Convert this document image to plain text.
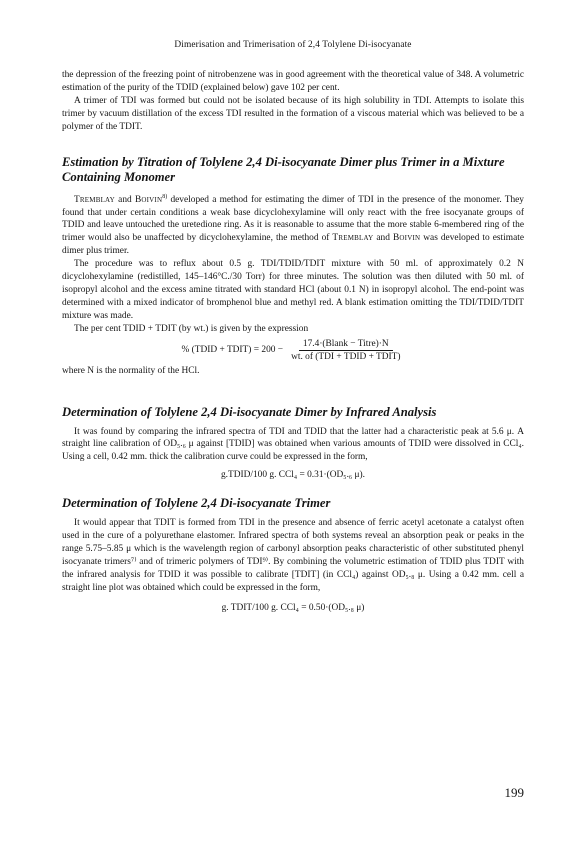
Dimerisation and Trimerisation of 2,4 Tolylene Di-isocyanate

the depression of the freezing point of nitrobenzene was in good agreement with the theoretical value of 348. A volumetric estimation of the purity of the TDID (explained below) gave 102 per cent.

A trimer of TDI was formed but could not be isolated because of its high solubility in TDI. Attempts to isolate this trimer by vacuum distillation of the excess TDI resulted in the formation of a viscous material which was believed to be a polymer of the TDIT.

Estimation by Titration of Tolylene 2,4 Di-isocyanate Dimer plus Trimer in a Mixture Containing Monomer

Tremblay and Boivin$^{8)}$ developed a method for estimating the dimer of TDI in the presence of the monomer. They found that under certain conditions a weak base dicyclohexylamine will only react with the free isocyanate groups of TDID and leave untouched the uretedione ring. As it is reasonable to assume that the more stable 6-membered ring of the trimer would also be unaffected by dicyclohexylamine, the method of Tremblay and Boivin was developed to estimate dimer plus trimer.

The procedure was to reflux about 0.5 g. TDI/TDID/TDIT mixture with 50 ml. of approximately 0.2 N dicyclohexylamine (redistilled, 145–146°C./30 Torr) for three minutes. The solution was then diluted with 50 ml. of isopropyl alcohol and the excess amine titrated with standard HCl (about 0.1 N) in isopropyl alcohol. The end-point was determined with a mixed indicator of bromphenol blue and methyl red. A blank estimation omitting the TDI/TDID/TDIT mixture was made.

The per cent TDID + TDIT (by wt.) is given by the expression

% (TDID + TDIT) = $200 - \frac{\text{17.4·(Blank − Titre)·N}}{\text{wt. of (TDI + TDID + TDIT)}}$

where N is the normality of the HCl.

Determination of Tolylene 2,4 Di-isocyanate Dimer by Infrared Analysis

It was found by comparing the infrared spectra of TDI and TDID that the latter had a characteristic peak at 5.6 μ. A straight line calibration of OD₅.₆ μ against [TDID] was obtained when various amounts of TDID were dissolved in CCl₄. Using a cell, 0.42 mm. thick the calibration curve could be expressed in the form,

g.TDID/100 g. CCl₄ = 0.31·(OD₅.₆ μ).
Determination of Tolylene 2,4 Di-isocyanate Trimer

It would appear that TDIT is formed from TDI in the presence and absence of ferric acetyl acetonate a catalyst often used in the cure of a polyurethane elastomer. Infrared spectra of both systems reveal an absorption peak or peaks in the range 5.75–5.85 μ which is the wavelength region of carbonyl absorption peaks characteristic of other substituted phenyl isocyanate trimers⁷⁾ and of trimeric polymers of TDI⁹⁾. By combining the volumetric estimation of TDID plus TDIT with the infrared analysis for TDID it was possible to calibrate [TDIT] (in CCl₄) against OD₅.₈ μ. Using a 0.42 mm. cell a straight line plot was obtained which could be expressed in the form,

g. TDIT/100 g. CCl₄ = 0.50·(OD₅.₈ μ)
199
